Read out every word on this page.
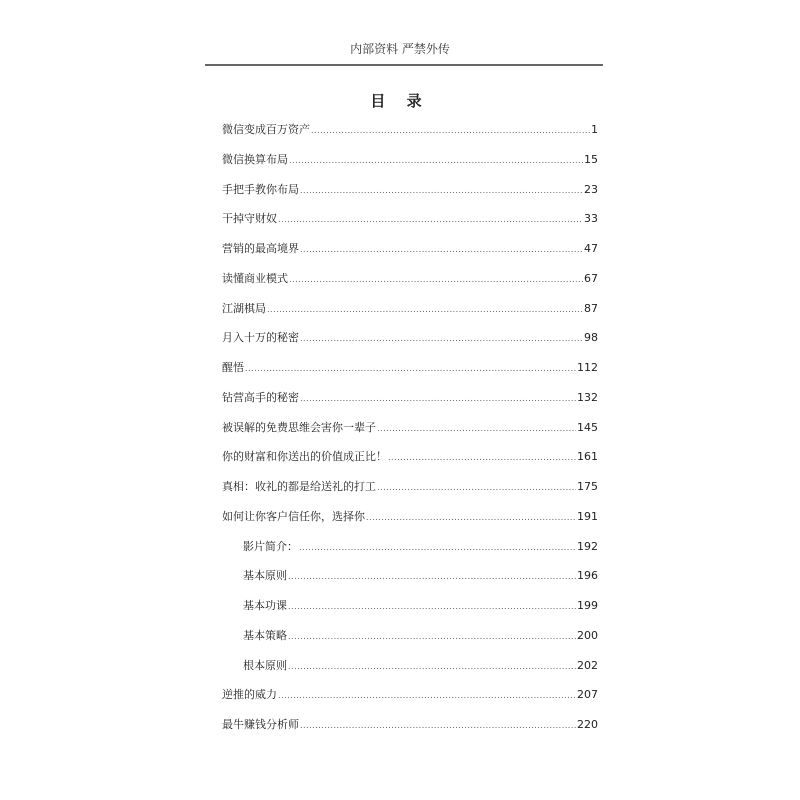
内部资料 严禁外传
目 录
微信变成百万资产 .....	1
微信换算布局 .....	15
手把手教你布局 .....	23
干掉守财奴 .....	33
营销的最高境界 .....	47
读懂商业模式 .....	67
江湖棋局 .....	87
月入十万的秘密 .....	98
醒悟 .....	112
钻营高手的秘密 .....	132
被误解的免费思维会害你一辈子 .....	145
你的财富和你送出的价值成正比！ .....	161
真相：收礼的都是给送礼的打工 .....	175
如何让你客户信任你，选择你 .....	191
影片简介： .....	192
基本原则 .....	196
基本功课 .....	199
基本策略 .....	200
根本原则 .....	202
逆推的威力 .....	207
最牛赚钱分析师 .....	220
